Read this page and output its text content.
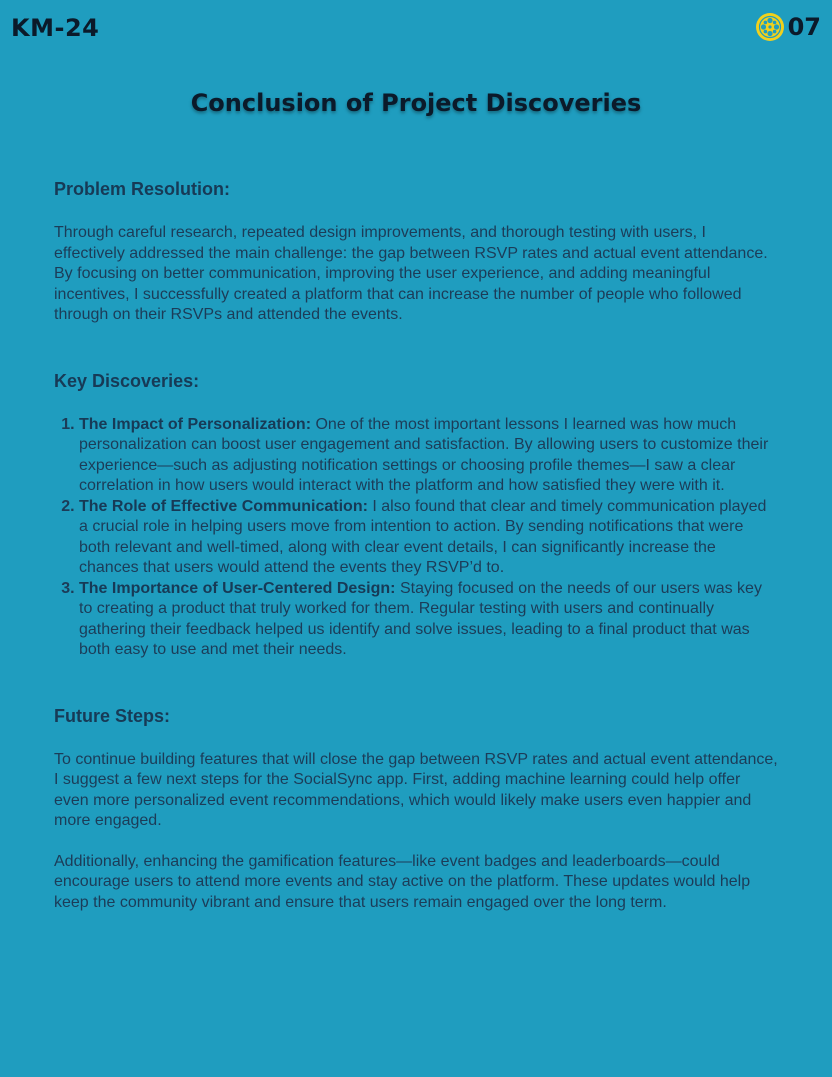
KM-24	07
Conclusion of Project Discoveries
Problem Resolution:

Through careful research, repeated design improvements, and thorough testing with users, I effectively addressed the main challenge: the gap between RSVP rates and actual event attendance. By focusing on better communication, improving the user experience, and adding meaningful incentives, I successfully created a platform that can increase the number of people who followed through on their RSVPs and attended the events.

Key Discoveries:
1. The Impact of Personalization: One of the most important lessons I learned was how much personalization can boost user engagement and satisfaction. By allowing users to customize their experience—such as adjusting notification settings or choosing profile themes—I saw a clear correlation in how users would interact with the platform and how satisfied they were with it.
2. The Role of Effective Communication: I also found that clear and timely communication played a crucial role in helping users move from intention to action. By sending notifications that were both relevant and well-timed, along with clear event details, I can significantly increase the chances that users would attend the events they RSVP’d to.
3. The Importance of User-Centered Design: Staying focused on the needs of our users was key to creating a product that truly worked for them. Regular testing with users and continually gathering their feedback helped us identify and solve issues, leading to a final product that was both easy to use and met their needs.
Future Steps:

To continue building features that will close the gap between RSVP rates and actual event attendance, I suggest a few next steps for the SocialSync app. First, adding machine learning could help offer even more personalized event recommendations, which would likely make users even happier and more engaged.

Additionally, enhancing the gamification features—like event badges and leaderboards—could encourage users to attend more events and stay active on the platform. These updates would help keep the community vibrant and ensure that users remain engaged over the long term.
